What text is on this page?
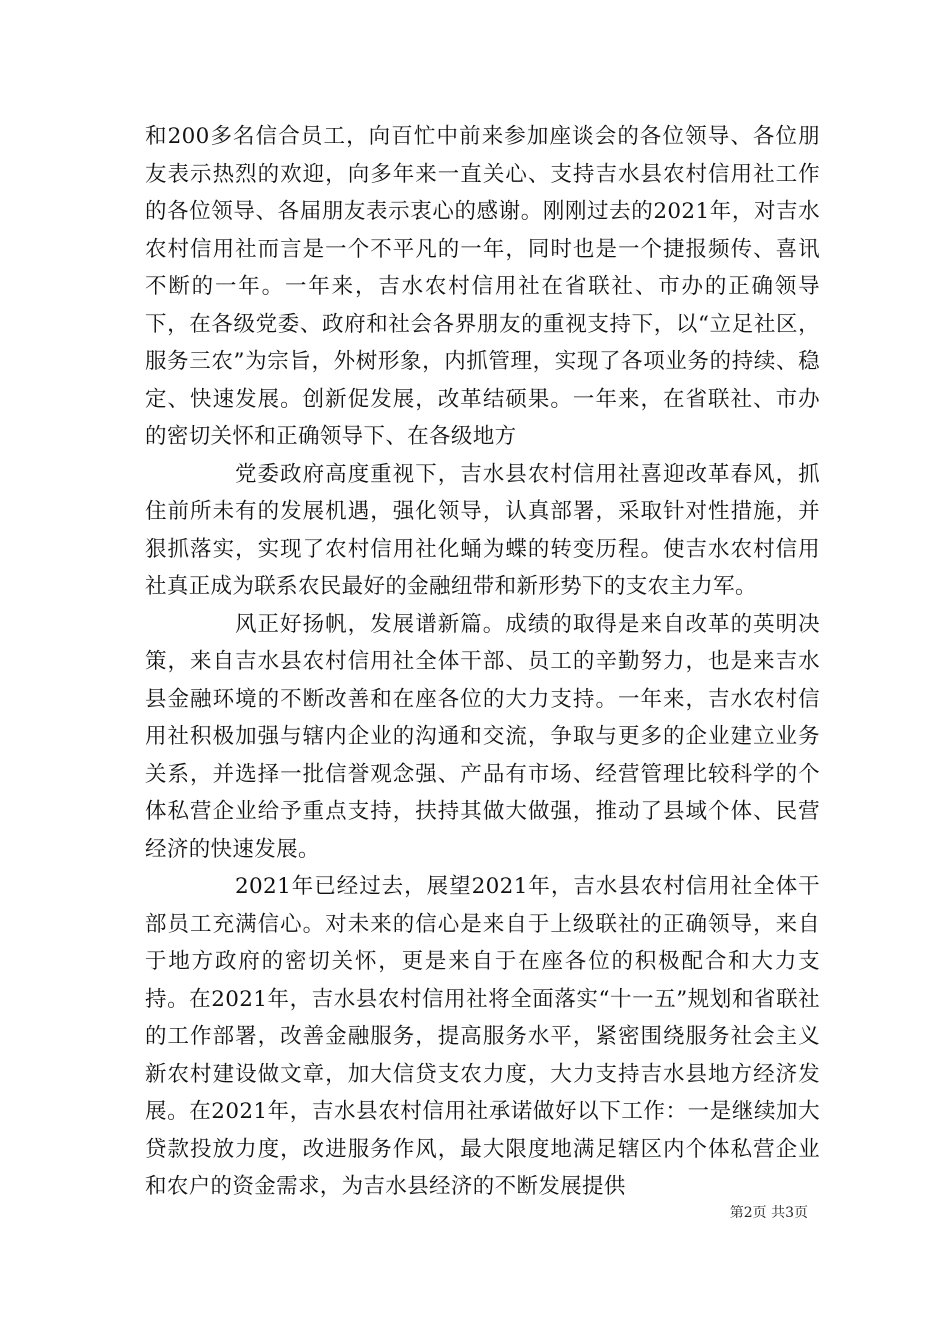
和200多名信合员工，向百忙中前来参加座谈会的各位领导、各位朋友表示热烈的欢迎，向多年来一直关心、支持吉水县农村信用社工作的各位领导、各届朋友表示衷心的感谢。刚刚过去的2021年，对吉水农村信用社而言是一个不平凡的一年，同时也是一个捷报频传、喜讯不断的一年。一年来，吉水农村信用社在省联社、市办的正确领导下，在各级党委、政府和社会各界朋友的重视支持下，以“立足社区，服务三农”为宗旨，外树形象，内抓管理，实现了各项业务的持续、稳定、快速发展。创新促发展，改革结硕果。一年来，在省联社、市办的密切关怀和正确领导下、在各级地方

党委政府高度重视下，吉水县农村信用社喜迎改革春风，抓住前所未有的发展机遇，强化领导，认真部署，采取针对性措施，并狠抓落实，实现了农村信用社化蛹为蝶的转变历程。使吉水农村信用社真正成为联系农民最好的金融纽带和新形势下的支农主力军。

风正好扬帆，发展谱新篇。成绩的取得是来自改革的英明决策，来自吉水县农村信用社全体干部、员工的辛勤努力，也是来吉水县金融环境的不断改善和在座各位的大力支持。一年来，吉水农村信用社积极加强与辖内企业的沟通和交流，争取与更多的企业建立业务关系，并选择一批信誉观念强、产品有市场、经营管理比较科学的个体私营企业给予重点支持，扶持其做大做强，推动了县域个体、民营经济的快速发展。

2021年已经过去，展望2021年，吉水县农村信用社全体干部员工充满信心。对未来的信心是来自于上级联社的正确领导，来自于地方政府的密切关怀，更是来自于在座各位的积极配合和大力支持。在2021年，吉水县农村信用社将全面落实“十一五”规划和省联社的工作部署，改善金融服务，提高服务水平，紧密围绕服务社会主义新农村建设做文章，加大信贷支农力度，大力支持吉水县地方经济发展。在2021年，吉水县农村信用社承诺做好以下工作：一是继续加大贷款投放力度，改进服务作风，最大限度地满足辖区内个体私营企业和农户的资金需求，为吉水县经济的不断发展提供

第2页 共3页
